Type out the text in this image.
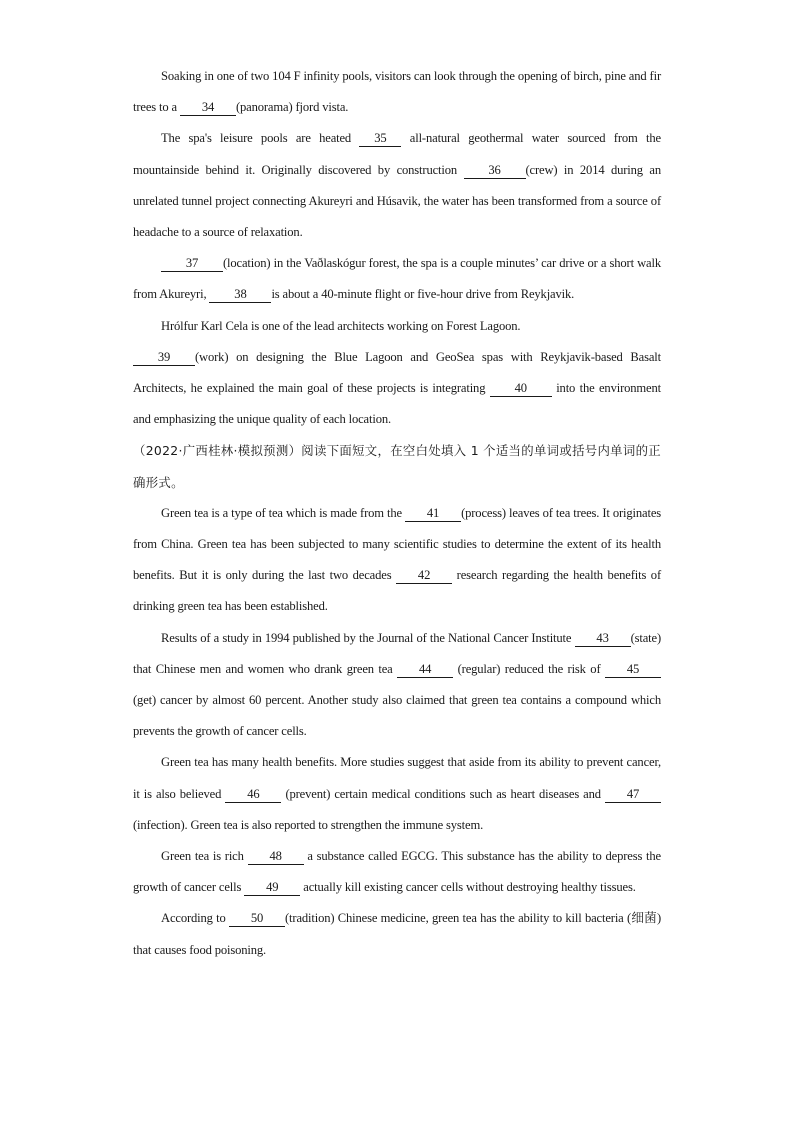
Soaking in one of two 104 F infinity pools, visitors can look through the opening of birch, pine and fir trees to a 34 (panorama) fjord vista.

The spa's leisure pools are heated 35 all-natural geothermal water sourced from the mountainside behind it. Originally discovered by construction 36 (crew) in 2014 during an unrelated tunnel project connecting Akureyri and Húsavik, the water has been transformed from a source of headache to a source of relaxation.

37 (location) in the Vaðlaskógur forest, the spa is a couple minutes’ car drive or a short walk from Akureyri, 38 is about a 40-minute flight or five-hour drive from Reykjavik.

Hrólfur Karl Cela is one of the lead architects working on Forest Lagoon.

39 (work) on designing the Blue Lagoon and GeoSea spas with Reykjavik-based Basalt Architects, he explained the main goal of these projects is integrating 40 into the environment and emphasizing the unique quality of each location.

（2022·广西桂林·模拟预测）阅读下面短文，在空白处填入 1 个适当的单词或括号内单词的正确形式。

Green tea is a type of tea which is made from the 41 (process) leaves of tea trees. It originates from China. Green tea has been subjected to many scientific studies to determine the extent of its health benefits. But it is only during the last two decades 42 research regarding the health benefits of drinking green tea has been established.

Results of a study in 1994 published by the Journal of the National Cancer Institute 43 (state) that Chinese men and women who drank green tea 44 (regular) reduced the risk of 45 (get) cancer by almost 60 percent. Another study also claimed that green tea contains a compound which prevents the growth of cancer cells.

Green tea has many health benefits. More studies suggest that aside from its ability to prevent cancer, it is also believed 46 (prevent) certain medical conditions such as heart diseases and 47 (infection). Green tea is also reported to strengthen the immune system.

Green tea is rich 48 a substance called EGCG. This substance has the ability to depress the growth of cancer cells 49 actually kill existing cancer cells without destroying healthy tissues.

According to 50 (tradition) Chinese medicine, green tea has the ability to kill bacteria (细菌) that causes food poisoning.
